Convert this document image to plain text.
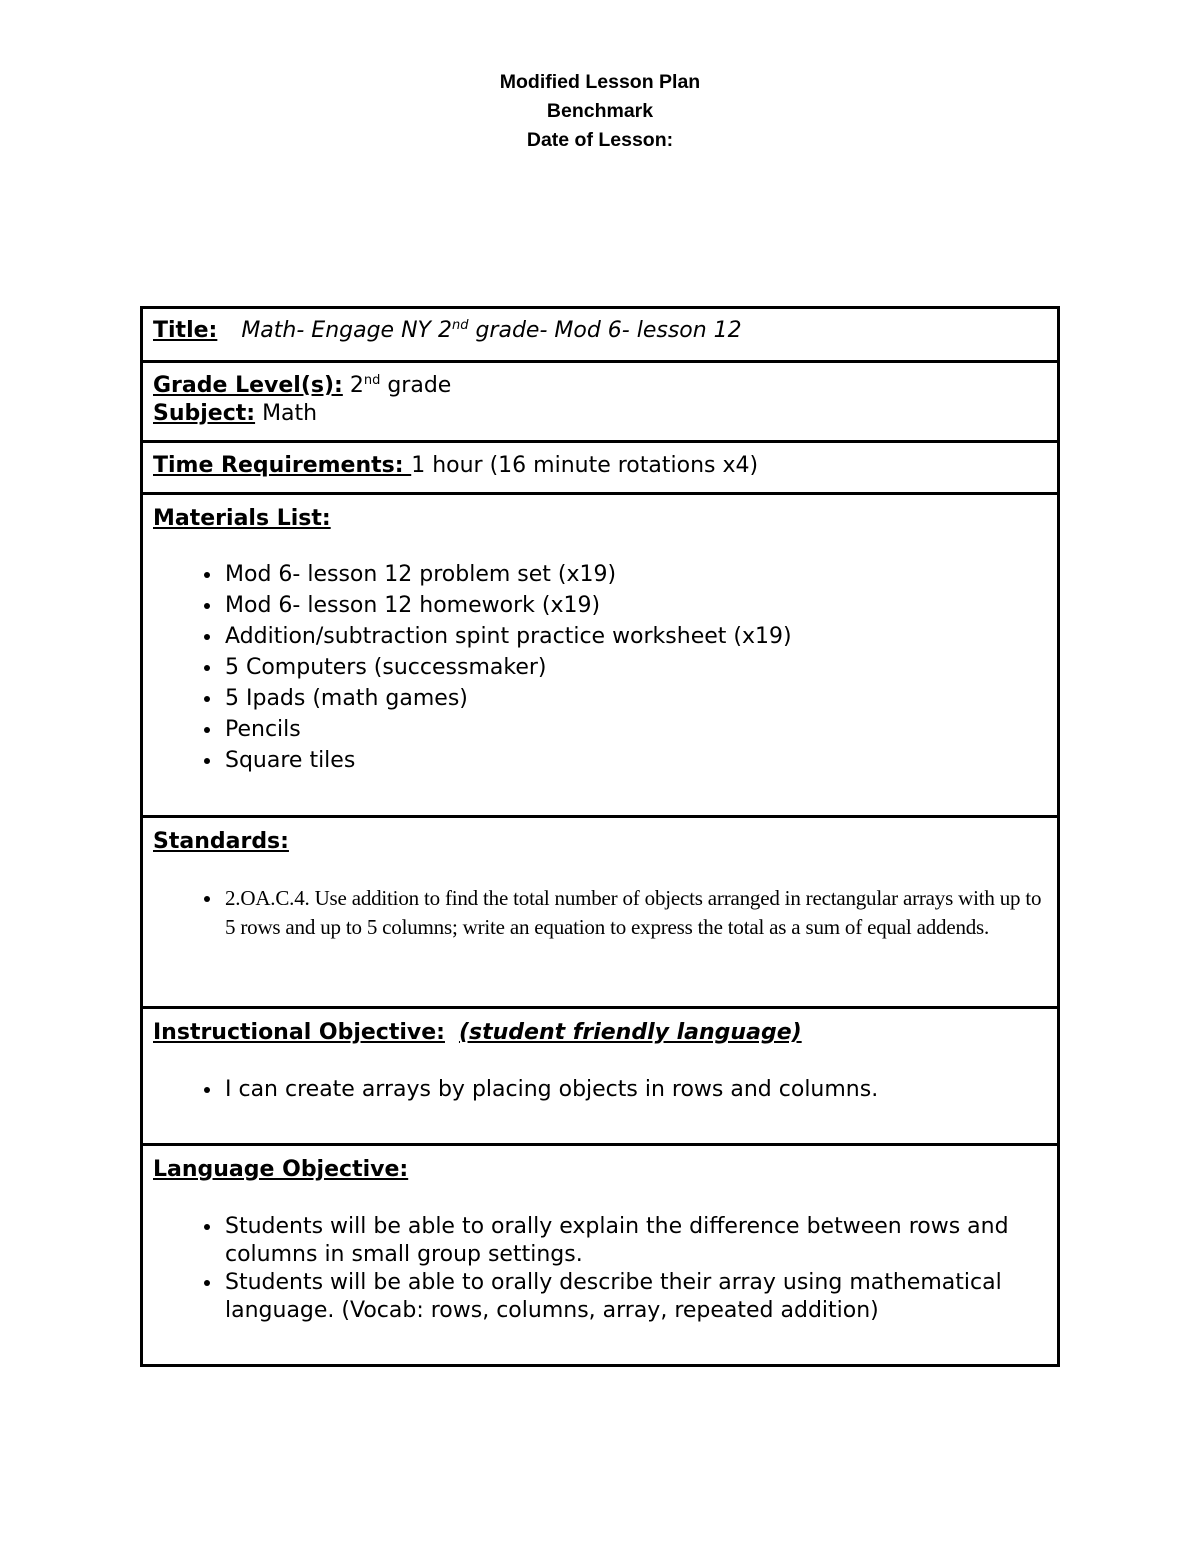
Modified Lesson Plan
Benchmark
Date of Lesson:
Title: Math- Engage NY 2nd grade- Mod 6- lesson 12

Grade Level(s): 2nd grade
Subject: Math

Time Requirements: 1 hour (16 minute rotations x4)

Materials List:
• Mod 6- lesson 12 problem set (x19)
• Mod 6- lesson 12 homework (x19)
• Addition/subtraction spint practice worksheet (x19)
• 5 Computers (successmaker)
• 5 Ipads (math games)
• Pencils
• Square tiles

Standards:
• 2.OA.C.4. Use addition to find the total number of objects arranged in rectangular arrays with up to 5 rows and up to 5 columns; write an equation to express the total as a sum of equal addends.

Instructional Objective: (student friendly language)
• I can create arrays by placing objects in rows and columns.

Language Objective:
• Students will be able to orally explain the difference between rows and columns in small group settings.
• Students will be able to orally describe their array using mathematical language. (Vocab: rows, columns, array, repeated addition)
